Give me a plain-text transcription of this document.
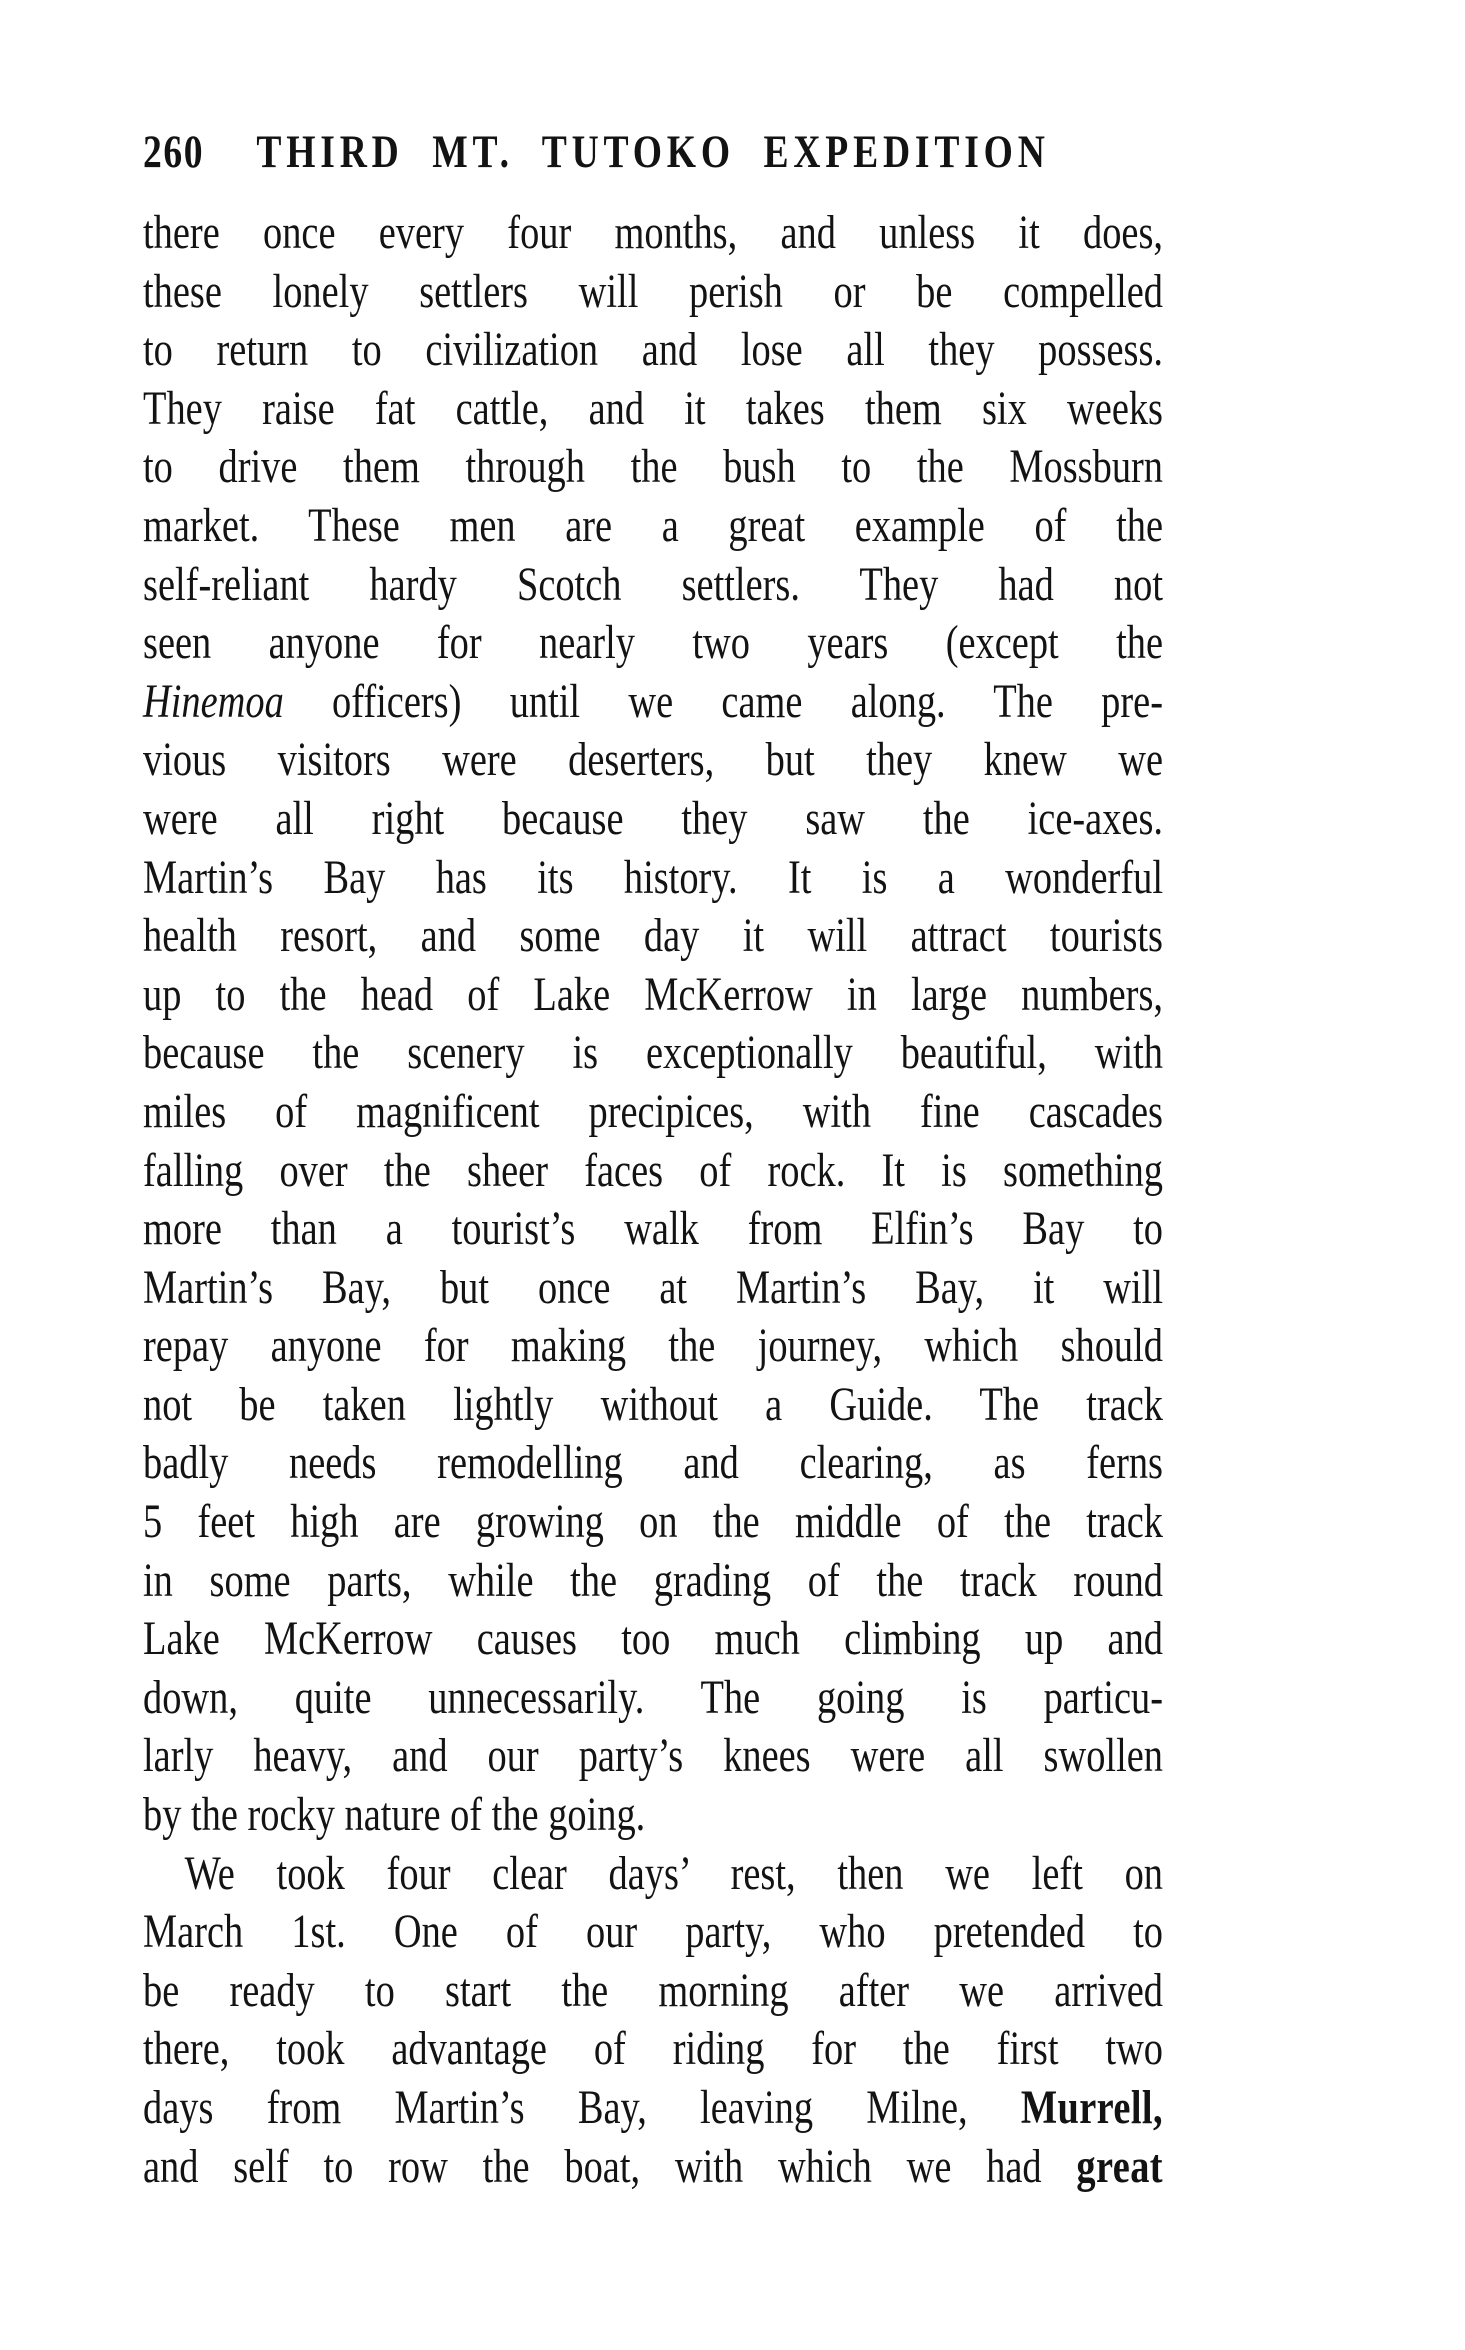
260	THIRD MT. TUTOKO EXPEDITION
there once every four months, and unless it does,
these lonely settlers will perish or be compelled
to return to civilization and lose all they possess.
They raise fat cattle, and it takes them six weeks
to drive them through the bush to the Mossburn
market. These men are a great example of the
self-reliant hardy Scotch settlers. They had not
seen anyone for nearly two years (except the
Hinemoa officers) until we came along. The pre-
vious visitors were deserters, but they knew we
were all right because they saw the ice-axes.
Martin’s Bay has its history. It is a wonderful
health resort, and some day it will attract tourists
up to the head of Lake McKerrow in large numbers,
because the scenery is exceptionally beautiful, with
miles of magnificent precipices, with fine cascades
falling over the sheer faces of rock. It is something
more than a tourist’s walk from Elfin’s Bay to
Martin’s Bay, but once at Martin’s Bay, it will
repay anyone for making the journey, which should
not be taken lightly without a Guide. The track
badly needs remodelling and clearing, as ferns
5 feet high are growing on the middle of the track
in some parts, while the grading of the track round
Lake McKerrow causes too much climbing up and
down, quite unnecessarily. The going is particu-
larly heavy, and our party’s knees were all swollen
by the rocky nature of the going.
We took four clear days’ rest, then we left on
March 1st. One of our party, who pretended to
be ready to start the morning after we arrived
there, took advantage of riding for the first two
days from Martin’s Bay, leaving Milne, Murrell,
and self to row the boat, with which we had great
